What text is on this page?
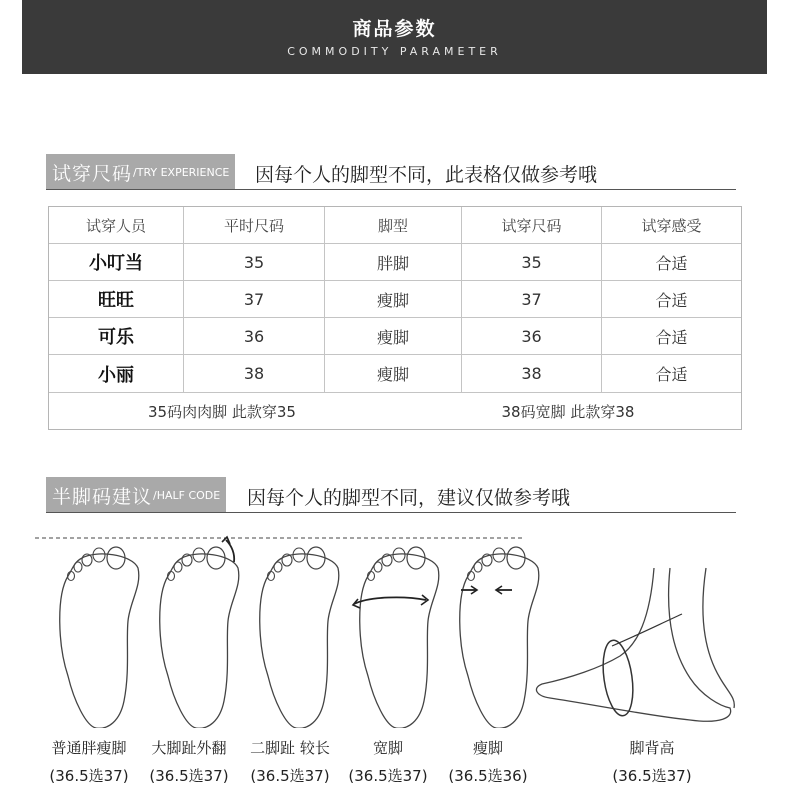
商品参数
COMMODITY PARAMETER
试穿尺码 /TRY EXPERIENCE 因每个人的脚型不同，此表格仅做参考哦
试穿人员	平时尺码	脚型	试穿尺码	试穿感受
小叮当	35	胖脚	35	合适
旺旺	37	瘦脚	37	合适
可乐	36	瘦脚	36	合适
小丽	38	瘦脚	38	合适
35码肉肉脚 此款穿35	38码宽脚 此款穿38
半脚码建议 /HALF CODE 因每个人的脚型不同，建议仅做参考哦
普通胖瘦脚
(36.5选37)
大脚趾外翻
(36.5选37)
二脚趾 较长
(36.5选37)
宽脚
(36.5选37)
瘦脚
(36.5选36)
脚背高
(36.5选37)
